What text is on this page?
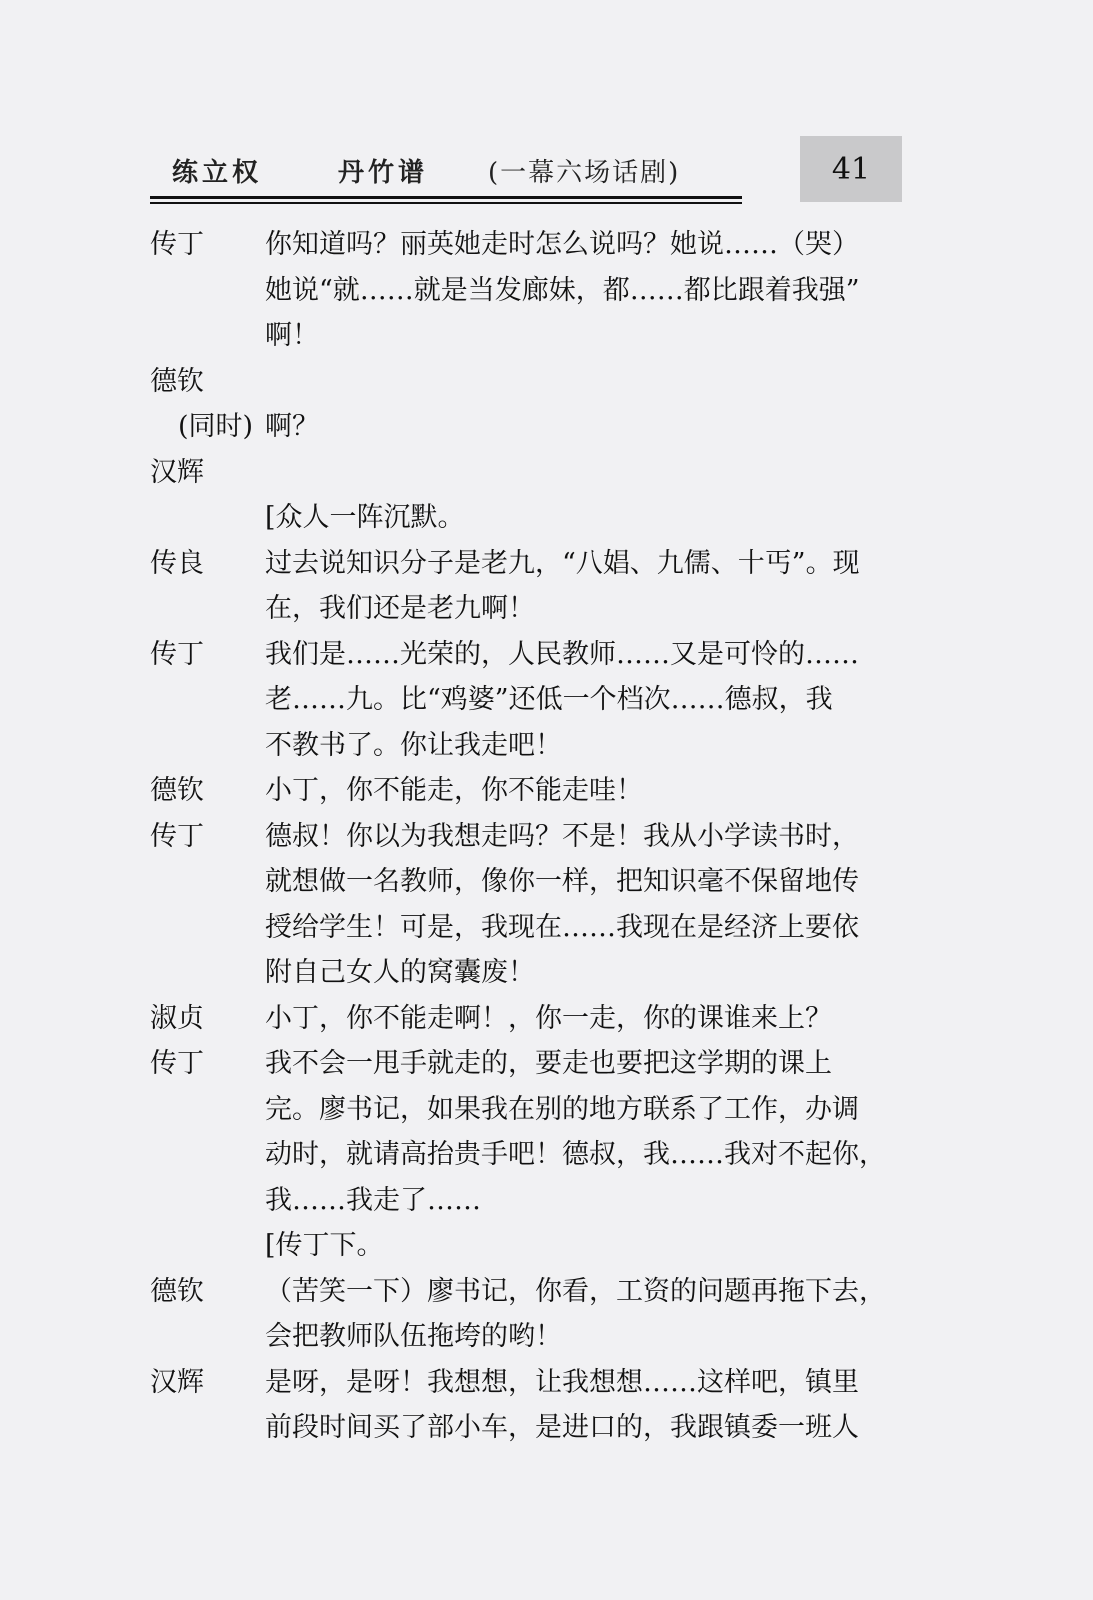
练立权	丹竹谱 (一幕六场话剧)	41
传丁	你知道吗？丽英她走时怎么说吗？她说……（哭）
她说“就……就是当发廊妹，都……都比跟着我强”
啊！
德钦

(同时) 啊？
汉辉

[众人一阵沉默。
传良	过去说知识分子是老九，“八娼、九儒、十丐”。现
在，我们还是老九啊！
传丁	我们是……光荣的，人民教师……又是可怜的……
老……九。比“鸡婆”还低一个档次……德叔，我
不教书了。你让我走吧！
德钦	小丁，你不能走，你不能走哇！
传丁	德叔！你以为我想走吗？不是！我从小学读书时，
就想做一名教师，像你一样，把知识毫不保留地传
授给学生！可是，我现在……我现在是经济上要依
附自己女人的窝囊废！
淑贞	小丁，你不能走啊！，你一走，你的课谁来上？
传丁	我不会一甩手就走的，要走也要把这学期的课上
完。廖书记，如果我在别的地方联系了工作，办调
动时，就请高抬贵手吧！德叔，我……我对不起你，
我……我走了……
[传丁下。
德钦	（苦笑一下）廖书记，你看，工资的问题再拖下去，
会把教师队伍拖垮的哟！
汉辉	是呀，是呀！我想想，让我想想……这样吧，镇里
前段时间买了部小车，是进口的，我跟镇委一班人
